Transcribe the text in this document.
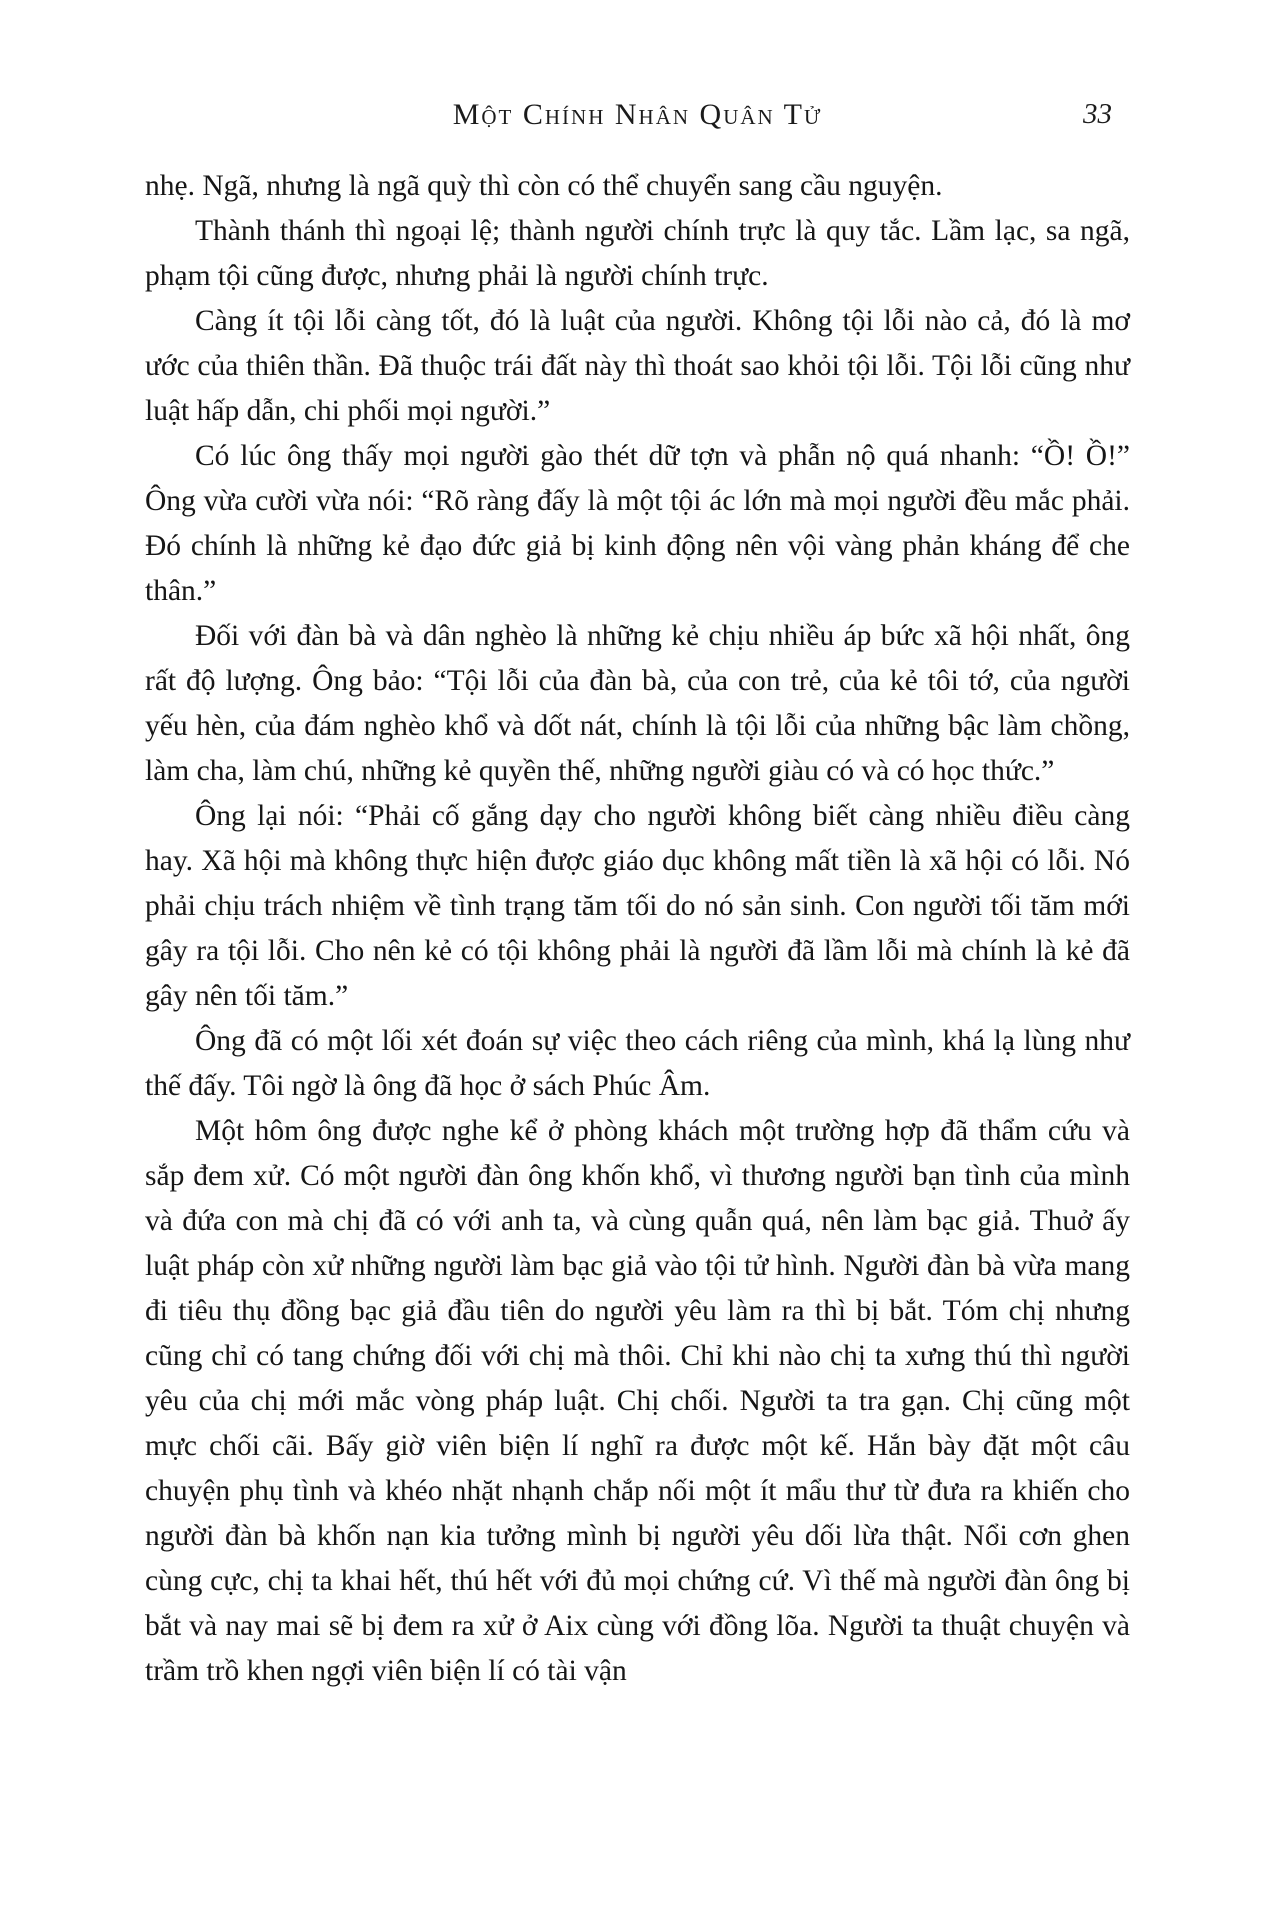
Một Chính Nhân Quân Tử	33

nhẹ. Ngã, nhưng là ngã quỳ thì còn có thể chuyển sang cầu nguyện.

Thành thánh thì ngoại lệ; thành người chính trực là quy tắc. Lầm lạc, sa ngã, phạm tội cũng được, nhưng phải là người chính trực.

Càng ít tội lỗi càng tốt, đó là luật của người. Không tội lỗi nào cả, đó là mơ ước của thiên thần. Đã thuộc trái đất này thì thoát sao khỏi tội lỗi. Tội lỗi cũng như luật hấp dẫn, chi phối mọi người.”

Có lúc ông thấy mọi người gào thét dữ tợn và phẫn nộ quá nhanh: “Ồ! Ồ!” Ông vừa cười vừa nói: “Rõ ràng đấy là một tội ác lớn mà mọi người đều mắc phải. Đó chính là những kẻ đạo đức giả bị kinh động nên vội vàng phản kháng để che thân.”

Đối với đàn bà và dân nghèo là những kẻ chịu nhiều áp bức xã hội nhất, ông rất độ lượng. Ông bảo: “Tội lỗi của đàn bà, của con trẻ, của kẻ tôi tớ, của người yếu hèn, của đám nghèo khổ và dốt nát, chính là tội lỗi của những bậc làm chồng, làm cha, làm chú, những kẻ quyền thế, những người giàu có và có học thức.”

Ông lại nói: “Phải cố gắng dạy cho người không biết càng nhiều điều càng hay. Xã hội mà không thực hiện được giáo dục không mất tiền là xã hội có lỗi. Nó phải chịu trách nhiệm về tình trạng tăm tối do nó sản sinh. Con người tối tăm mới gây ra tội lỗi. Cho nên kẻ có tội không phải là người đã lầm lỗi mà chính là kẻ đã gây nên tối tăm.”

Ông đã có một lối xét đoán sự việc theo cách riêng của mình, khá lạ lùng như thế đấy. Tôi ngờ là ông đã học ở sách Phúc Âm.

Một hôm ông được nghe kể ở phòng khách một trường hợp đã thẩm cứu và sắp đem xử. Có một người đàn ông khốn khổ, vì thương người bạn tình của mình và đứa con mà chị đã có với anh ta, và cùng quẫn quá, nên làm bạc giả. Thuở ấy luật pháp còn xử những người làm bạc giả vào tội tử hình. Người đàn bà vừa mang đi tiêu thụ đồng bạc giả đầu tiên do người yêu làm ra thì bị bắt. Tóm chị nhưng cũng chỉ có tang chứng đối với chị mà thôi. Chỉ khi nào chị ta xưng thú thì người yêu của chị mới mắc vòng pháp luật. Chị chối. Người ta tra gạn. Chị cũng một mực chối cãi. Bấy giờ viên biện lí nghĩ ra được một kế. Hắn bày đặt một câu chuyện phụ tình và khéo nhặt nhạnh chắp nối một ít mẩu thư từ đưa ra khiến cho người đàn bà khốn nạn kia tưởng mình bị người yêu dối lừa thật. Nổi cơn ghen cùng cực, chị ta khai hết, thú hết với đủ mọi chứng cứ. Vì thế mà người đàn ông bị bắt và nay mai sẽ bị đem ra xử ở Aix cùng với đồng lõa. Người ta thuật chuyện và trầm trồ khen ngợi viên biện lí có tài vận
